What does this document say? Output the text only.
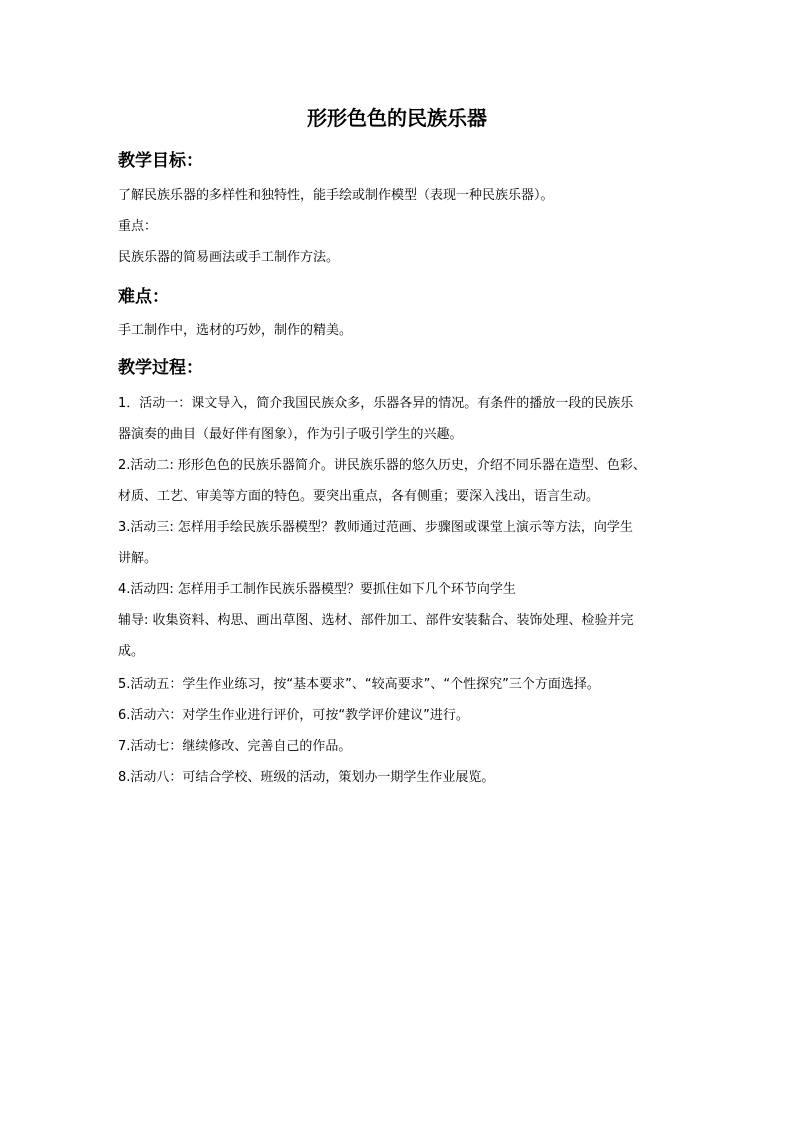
形形色色的民族乐器
教学目标：
了解民族乐器的多样性和独特性，能手绘或制作模型（表现一种民族乐器）。
重点：
民族乐器的简易画法或手工制作方法。
难点：
手工制作中，选材的巧妙，制作的精美。
教学过程：
1．活动一：课文导入，简介我国民族众多，乐器各异的情况。有条件的播放一段的民族乐
器演奏的曲目（最好伴有图象），作为引子吸引学生的兴趣。
2.活动二: 形形色色的民族乐器简介。讲民族乐器的悠久历史，介绍不同乐器在造型、色彩、
材质、工艺、审美等方面的特色。要突出重点，各有侧重；要深入浅出，语言生动。
3.活动三: 怎样用手绘民族乐器模型？教师通过范画、步骤图或课堂上演示等方法，向学生
讲解。
4.活动四: 怎样用手工制作民族乐器模型？要抓住如下几个环节向学生
辅导: 收集资料、构思、画出草图、选材、部件加工、部件安装黏合、装饰处理、检验并完
成。
5.活动五：学生作业练习，按“基本要求”、“较高要求”、“个性探究”三个方面选择。
6.活动六：对学生作业进行评价，可按“教学评价建议”进行。
7.活动七：继续修改、完善自己的作品。
8.活动八：可结合学校、班级的活动，策划办一期学生作业展览。
